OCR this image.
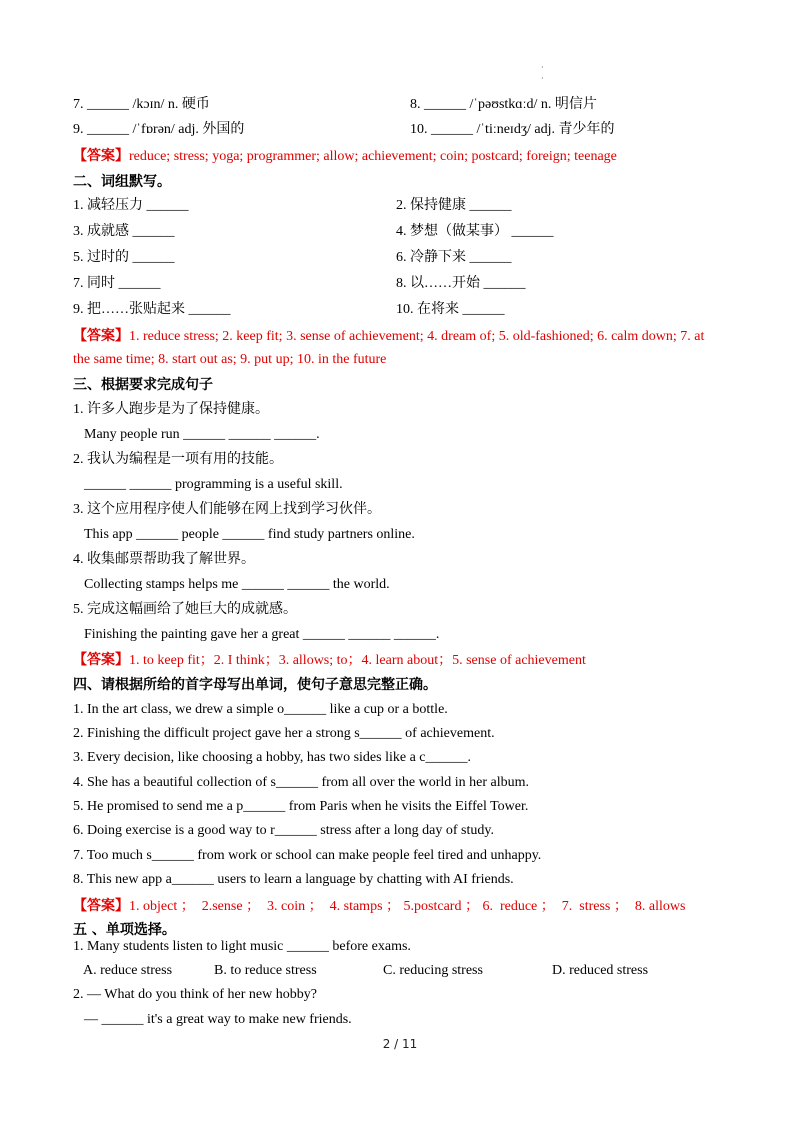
·
·
7. ______ /kɔɪn/ n. 硬币	8. ______ /ˈpəʊstkɑːd/ n. 明信片
9. ______ /ˈfɒrən/ adj. 外国的	10. ______ /ˈtiːneɪdʒ/ adj. 青少年的
【答案】reduce; stress; yoga; programmer; allow; achievement; coin; postcard; foreign; teenage
二、词组默写。
1. 减轻压力 ______	2. 保持健康 ______
3. 成就感 ______	4. 梦想（做某事） ______
5. 过时的 ______	6. 冷静下来 ______
7. 同时 ______	8. 以……开始 ______
9. 把……张贴起来 ______	10. 在将来 ______
【答案】1. reduce stress; 2. keep fit; 3. sense of achievement; 4. dream of; 5. old-fashioned; 6. calm down; 7. at
the same time; 8. start out as; 9. put up; 10. in the future
三、根据要求完成句子
1. 许多人跑步是为了保持健康。
Many people run ______ ______ ______.
2. 我认为编程是一项有用的技能。
______ ______ programming is a useful skill.
3. 这个应用程序使人们能够在网上找到学习伙伴。
This app ______ people ______ find study partners online.
4. 收集邮票帮助我了解世界。
Collecting stamps helps me ______ ______ the world.
5. 完成这幅画给了她巨大的成就感。
Finishing the painting gave her a great ______ ______ ______.
【答案】1. to keep fit；2. I think；3. allows; to；4. learn about；5. sense of achievement
四、请根据所给的首字母写出单词，使句子意思完整正确。
1. In the art class, we drew a simple o______ like a cup or a bottle.
2. Finishing the difficult project gave her a strong s______ of achievement.
3. Every decision, like choosing a hobby, has two sides like a c______.
4. She has a beautiful collection of s______ from all over the world in her album.
5. He promised to send me a p______ from Paris when he visits the Eiffel Tower.
6. Doing exercise is a good way to r______ stress after a long day of study.
7. Too much s______ from work or school can make people feel tired and unhappy.
8. This new app a______ users to learn a language by chatting with AI friends.
【答案】1. object ；  2.sense ；  3. coin ；  4. stamps ； 5.postcard ； 6.  reduce ；  7.  stress ；  8. allows
五 、单项选择。
1. Many students listen to light music ______ before exams.
A. reduce stress	B. to reduce stress	C. reducing stress	D. reduced stress
2. — What do you think of her new hobby?
— ______ it's a great way to make new friends.
2 / 11
